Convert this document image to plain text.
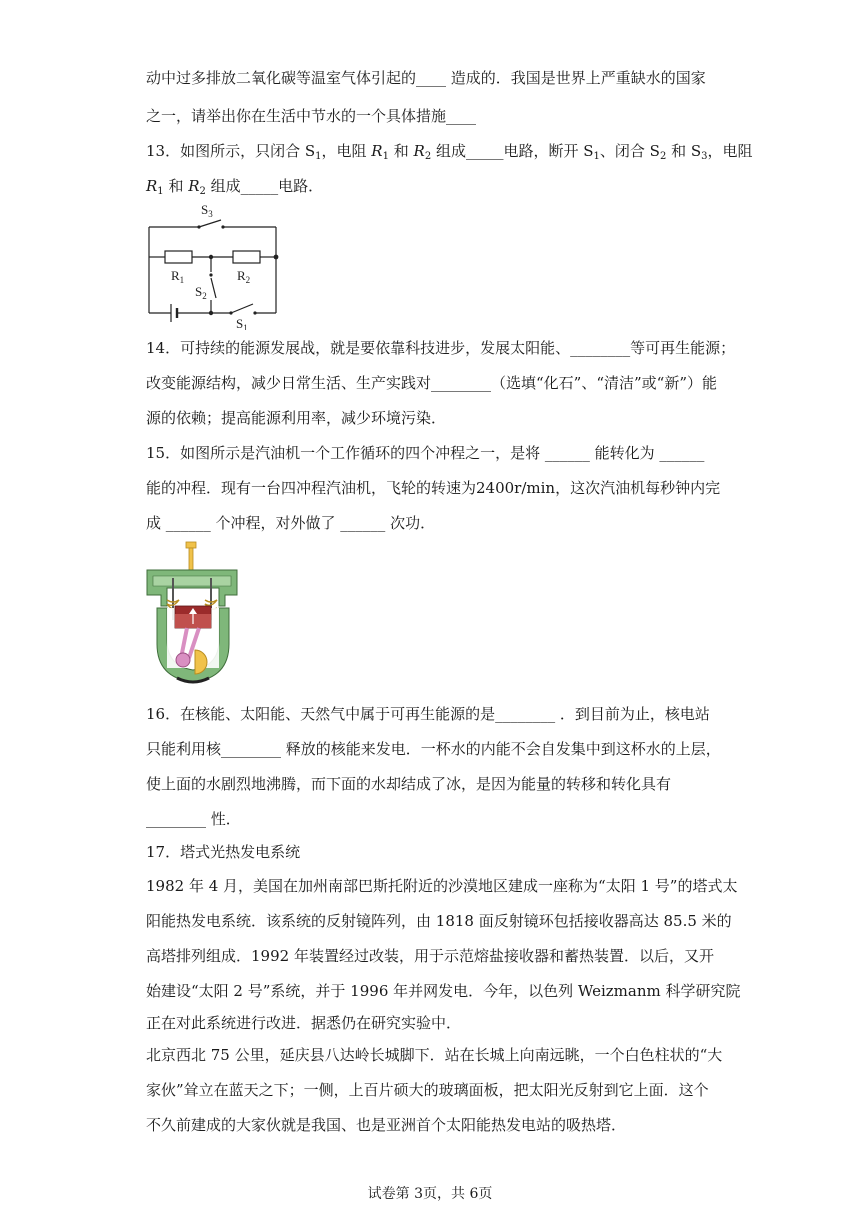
动中过多排放二氧化碳等温室气体引起的____ 造成的．我国是世界上严重缺水的国家
之一，请举出你在生活中节水的一个具体措施____
13．如图所示，只闭合 $S_1$，电阻 $R_1$ 和 $R_2$ 组成_____电路，断开 $S_1$、闭合 $S_2$ 和 $S_3$，电阻
$R_1$ 和 $R_2$ 组成_____电路．
$S_3$
$R_1$	$R_2$
$S_2$
$S_1$
14．可持续的能源发展战，就是要依靠科技进步，发展太阳能、________等可再生能源；
改变能源结构，减少日常生活、生产实践对________（选填“化石”、“清洁”或“新”）能
源的依赖；提高能源利用率，减少环境污染．
15．如图所示是汽油机一个工作循环的四个冲程之一，是将 ______ 能转化为 ______
能的冲程．现有一台四冲程汽油机，飞轮的转速为2400r/min，这次汽油机每秒钟内完
成 ______ 个冲程，对外做了 ______ 次功．
16．在核能、太阳能、天然气中属于可再生能源的是________ ．到目前为止，核电站
只能利用核________ 释放的核能来发电．一杯水的内能不会自发集中到这杯水的上层，
使上面的水剧烈地沸腾，而下面的水却结成了冰，是因为能量的转移和转化具有
________ 性．
17．塔式光热发电系统
1982 年 4 月，美国在加州南部巴斯托附近的沙漠地区建成一座称为“太阳 1 号”的塔式太
阳能热发电系统．该系统的反射镜阵列，由 1818 面反射镜环包括接收器高达 85.5 米的
高塔排列组成．1992 年装置经过改装，用于示范熔盐接收器和蓄热装置．以后，又开
始建设“太阳 2 号”系统，并于 1996 年并网发电．今年，以色列 Weizmanm 科学研究院
正在对此系统进行改进．据悉仍在研究实验中．
北京西北 75 公里，延庆县八达岭长城脚下．站在长城上向南远眺，一个白色柱状的“大
家伙”耸立在蓝天之下；一侧，上百片硕大的玻璃面板，把太阳光反射到它上面．这个
不久前建成的大家伙就是我国、也是亚洲首个太阳能热发电站的吸热塔．
试卷第 3页，共 6页
